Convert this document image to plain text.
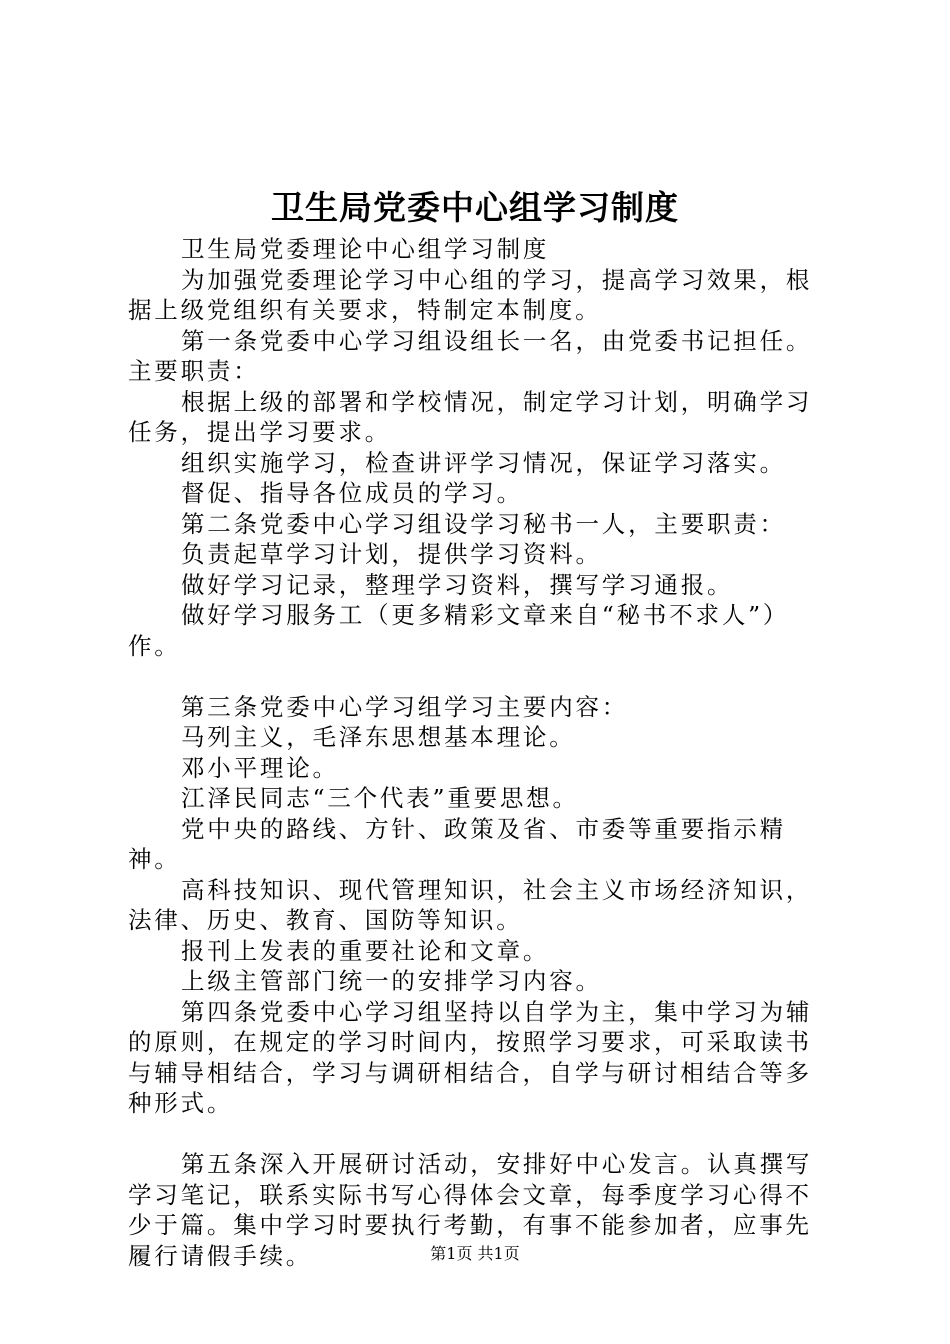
卫生局党委中心组学习制度

卫生局党委理论中心组学习制度

为加强党委理论学习中心组的学习，提高学习效果，根据上级党组织有关要求，特制定本制度。

第一条党委中心学习组设组长一名，由党委书记担任。主要职责：

根据上级的部署和学校情况，制定学习计划，明确学习任务，提出学习要求。

组织实施学习，检查讲评学习情况，保证学习落实。

督促、指导各位成员的学习。

第二条党委中心学习组设学习秘书一人，主要职责：

负责起草学习计划，提供学习资料。

做好学习记录，整理学习资料，撰写学习通报。

做好学习服务工（更多精彩文章来自“秘书不求人”）作。

第三条党委中心学习组学习主要内容：

马列主义，毛泽东思想基本理论。

邓小平理论。

江泽民同志“三个代表”重要思想。

党中央的路线、方针、政策及省、市委等重要指示精神。

高科技知识、现代管理知识，社会主义市场经济知识，法律、历史、教育、国防等知识。

报刊上发表的重要社论和文章。

上级主管部门统一的安排学习内容。

第四条党委中心学习组坚持以自学为主，集中学习为辅的原则，在规定的学习时间内，按照学习要求，可采取读书与辅导相结合，学习与调研相结合，自学与研讨相结合等多种形式。

第五条深入开展研讨活动，安排好中心发言。认真撰写学习笔记，联系实际书写心得体会文章，每季度学习心得不少于篇。集中学习时要执行考勤，有事不能参加者，应事先履行请假手续。	第1页 共1页
